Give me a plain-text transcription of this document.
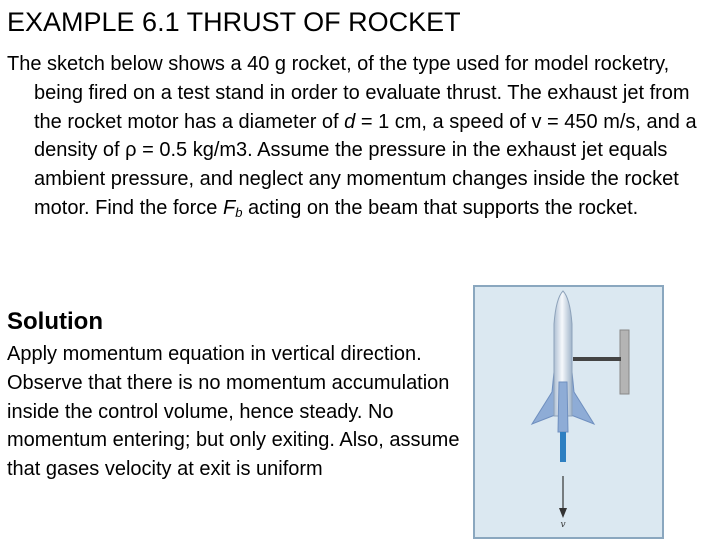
EXAMPLE 6.1 THRUST OF ROCKET

The sketch below shows a 40 g rocket, of the type used for model rocketry, being fired on a test stand in order to evaluate thrust. The exhaust jet from the rocket motor has a diameter of d = 1 cm, a speed of v = 450 m/s, and a density of ρ = 0.5 kg/m3. Assume the pressure in the exhaust jet equals ambient pressure, and neglect any momentum changes inside the rocket motor. Find the force $F_b$ acting on the beam that supports the rocket.

Solution
Apply momentum equation in vertical direction. Observe that there is no momentum accumulation inside the control volume, hence steady. No momentum entering; but only exiting. Also, assume that gases velocity at exit is uniform
v
